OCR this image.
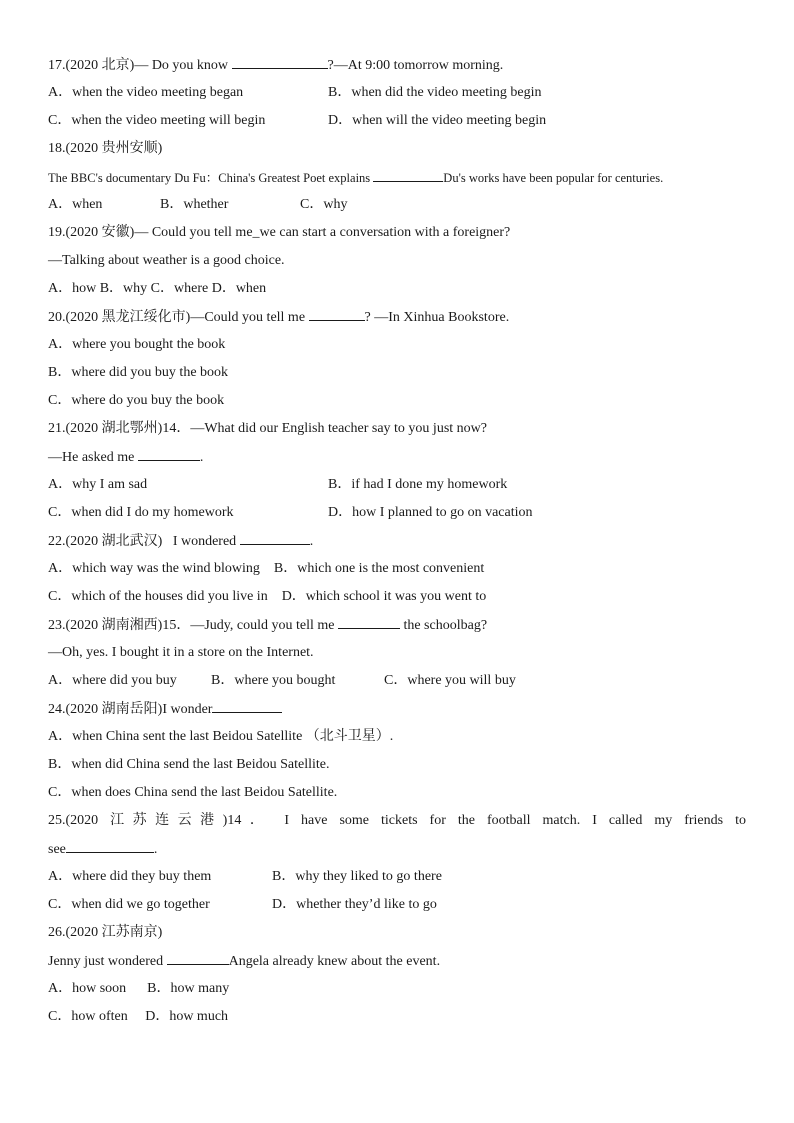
17.(2020 北京)— Do you know	?—At 9:00 tomorrow morning.
A．when the video meeting began	B．when did the video meeting begin
C．when the video meeting will begin	D．when will the video meeting begin
18.(2020 贵州安顺)
The BBC's documentary Du Fu：China's Greatest Poet explains	Du's works have been popular for centuries.
A．when	B．whether	C．why
19.(2020 安徽)— Could you tell me_we can start a conversation with a foreigner?
—Talking about weather is a good choice.
A．how B．why C．where D．when
20.(2020 黑龙江绥化市)—Could you tell me	? —In Xinhua Bookstore.
A．where you bought the book
B．where did you buy the book
C．where do you buy the book
21.(2020 湖北鄂州)14．—What did our English teacher say to you just now?
—He asked me	.
A．why I am sad	B．if had I done my homework
C．when did I do my homework	D．how I planned to go on vacation
22.(2020 湖北武汉)   I wondered	.
A．which way was the wind blowing    B．which one is the most convenient
C．which of the houses did you live in    D．which school it was you went to
23.(2020 湖南湘西)15．—Judy, could you tell me	the schoolbag?
—Oh, yes. I bought it in a store on the Internet.
A．where did you buy B．where you bought	C．where you will buy
24.(2020 湖南岳阳)I wonder
A．when China sent the last Beidou Satellite （北斗卫星）.
B．when did China send the last Beidou Satellite.
C．when does China send the last Beidou Satellite.
25.(2020 江苏连云港)14． I have some tickets for the football match. I called my friends to
see	.
A．where did they buy them	B．why they liked to go there
C．when did we go together	D．whether they’d like to go
26.(2020 江苏南京)
Jenny just wondered	Angela already knew about the event.
A．how soon      B．how many
C．how often     D．how much
